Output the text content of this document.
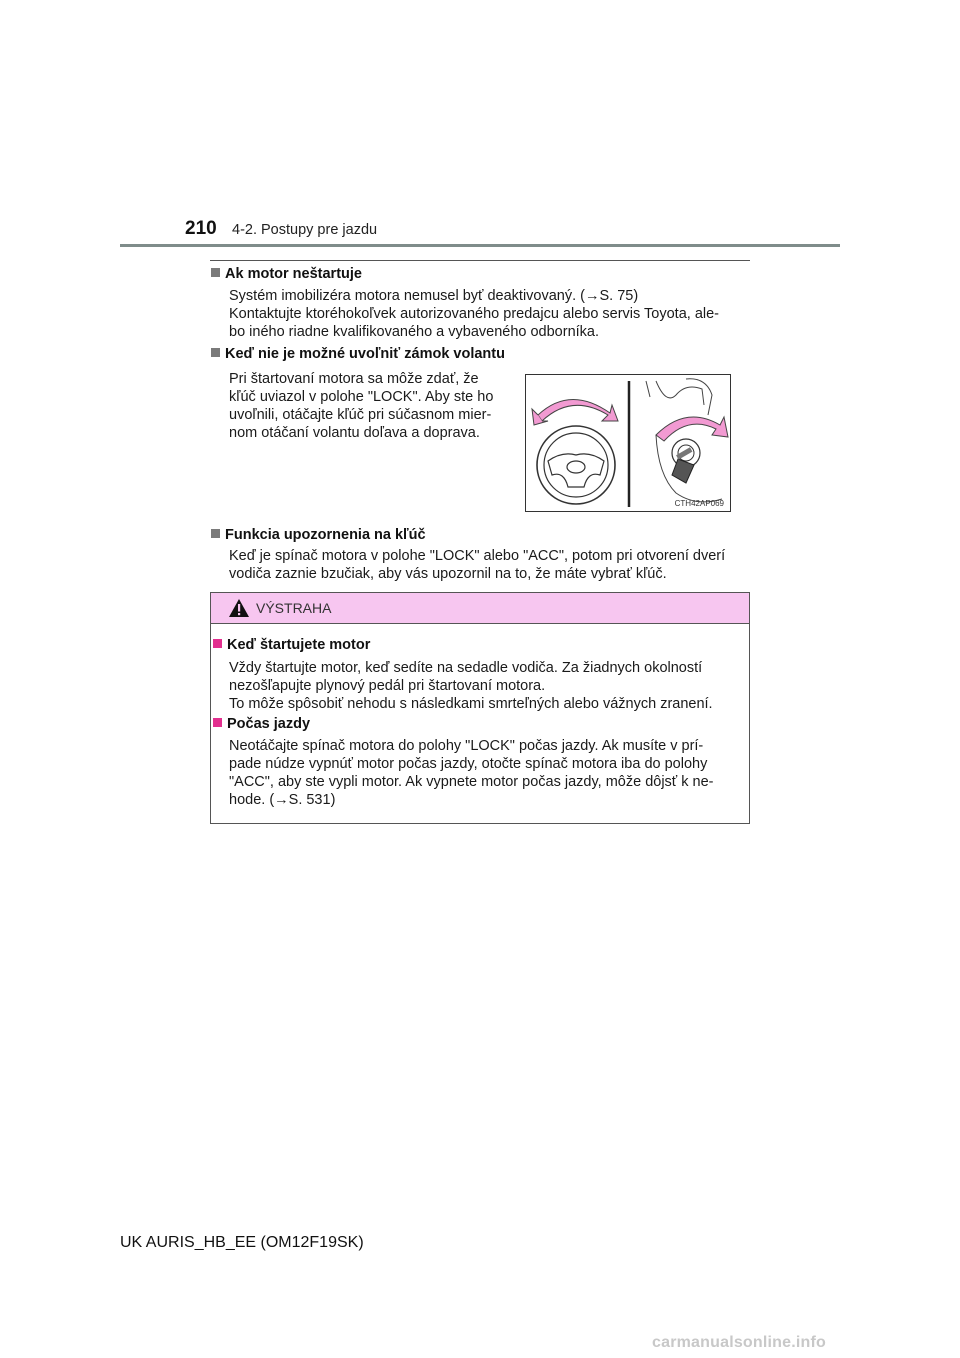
210 4-2. Postupy pre jazdu
Ak motor neštartuje
Systém imobilizéra motora nemusel byť deaktivovaný. (→S. 75)
Kontaktujte ktoréhokoľvek autorizovaného predajcu alebo servis Toyota, ale-
bo iného riadne kvalifikovaného a vybaveného odborníka.
Keď nie je možné uvoľniť zámok volantu
Pri štartovaní motora sa môže zdať, že
kľúč uviazol v polohe "LOCK". Aby ste ho
uvoľnili, otáčajte kľúč pri súčasnom mier-
nom otáčaní volantu doľava a doprava.
CTH42AP069
Funkcia upozornenia na kľúč
Keď je spínač motora v polohe "LOCK" alebo "ACC", potom pri otvorení dverí
vodiča zaznie bzučiak, aby vás upozornil na to, že máte vybrať kľúč.
VÝSTRAHA
Keď štartujete motor
Vždy štartujte motor, keď sedíte na sedadle vodiča. Za žiadnych okolností
nezošľapujte plynový pedál pri štartovaní motora.
To môže spôsobiť nehodu s následkami smrteľných alebo vážnych zranení.
Počas jazdy
Neotáčajte spínač motora do polohy "LOCK" počas jazdy. Ak musíte v prí-
pade núdze vypnúť motor počas jazdy, otočte spínač motora iba do polohy
"ACC", aby ste vypli motor. Ak vypnete motor počas jazdy, môže dôjsť k ne-
hode. (→S. 531)
UK AURIS_HB_EE (OM12F19SK)
carmanualsonline.info
